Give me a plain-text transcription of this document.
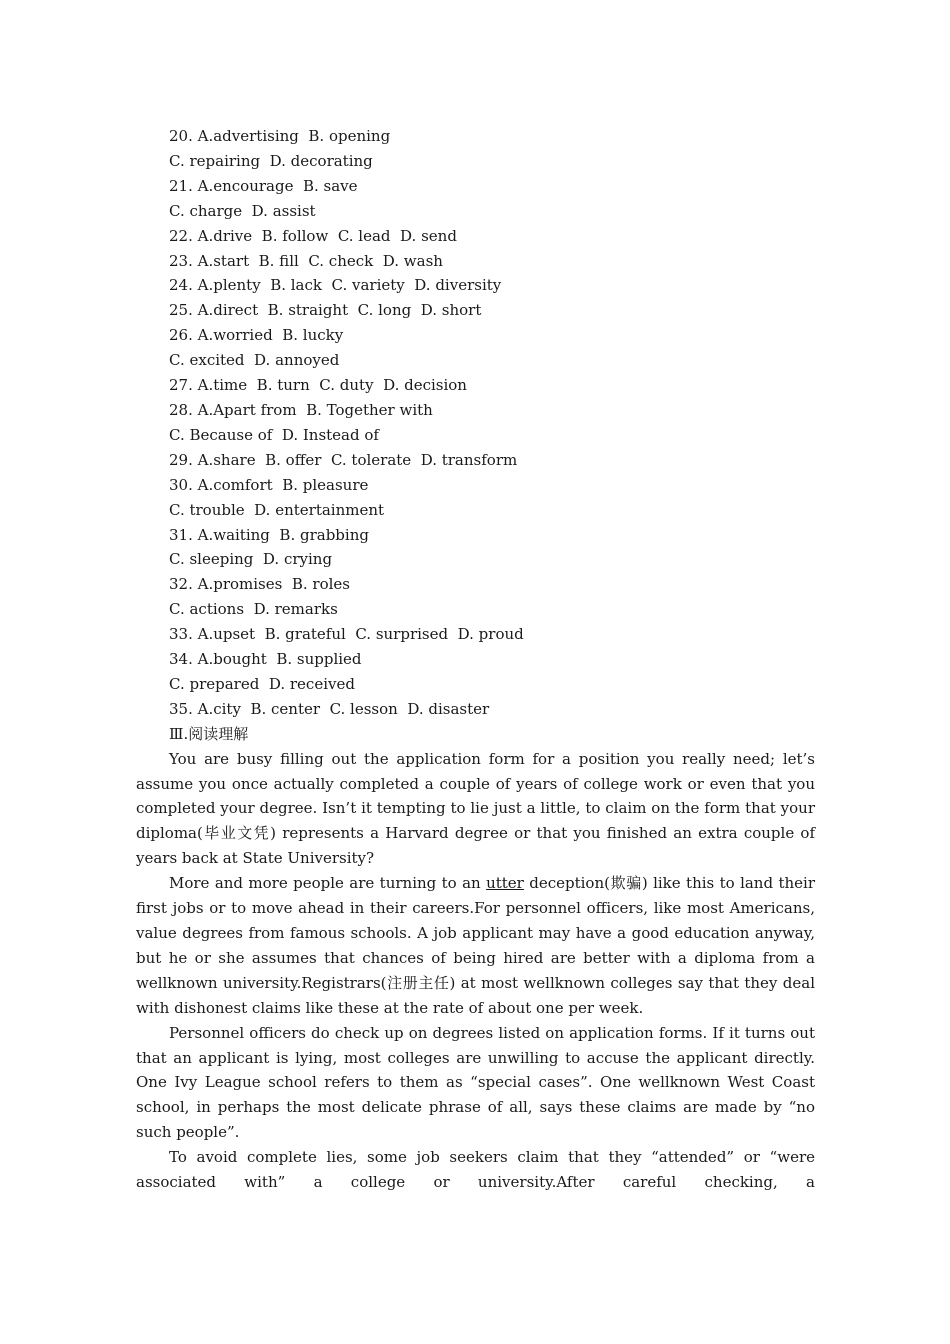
20. A.advertising  B. opening

C. repairing  D. decorating

21. A.encourage  B. save

C. charge  D. assist

22. A.drive  B. follow  C. lead  D. send

23. A.start  B. fill  C. check  D. wash

24. A.plenty  B. lack  C. variety  D. diversity

25. A.direct  B. straight  C. long  D. short

26. A.worried  B. lucky

C. excited  D. annoyed

27. A.time  B. turn  C. duty  D. decision

28. A.Apart from  B. Together with

C. Because of  D. Instead of

29. A.share  B. offer  C. tolerate  D. transform

30. A.comfort  B. pleasure

C. trouble  D. entertainment

31. A.waiting  B. grabbing

C. sleeping  D. crying

32. A.promises  B. roles

C. actions  D. remarks

33. A.upset  B. grateful  C. surprised  D. proud

34. A.bought  B. supplied

C. prepared  D. received

35. A.city  B. center  C. lesson  D. disaster

Ⅲ.阅读理解

You are busy filling out the application form for a position you really need; let’s assume you once actually completed a couple of years of college work or even that you completed your degree. Isn’t it tempting to lie just a little, to claim on the form that your diploma(毕业文凭) represents a Harvard degree or that you finished an extra couple of years back at State University?

More and more people are turning to an utter deception(欺骗) like this to land their first jobs or to move ahead in their careers.For personnel officers, like most Americans, value degrees from famous schools. A job applicant may have a good education anyway, but he or she assumes that chances of being hired are better with a diploma from a wellknown university.Registrars(注册主任) at most wellknown colleges say that they deal with dishonest claims like these at the rate of about one per week.

Personnel officers do check up on degrees listed on application forms. If it turns out that an applicant is lying, most colleges are unwilling to accuse the applicant directly. One Ivy League school refers to them as “special cases”. One wellknown West Coast school, in perhaps the most delicate phrase of all, says these claims are made by “no such people”.

To avoid complete lies, some job seekers claim that they “attended” or “were associated with” a college or university.After careful checking, a
